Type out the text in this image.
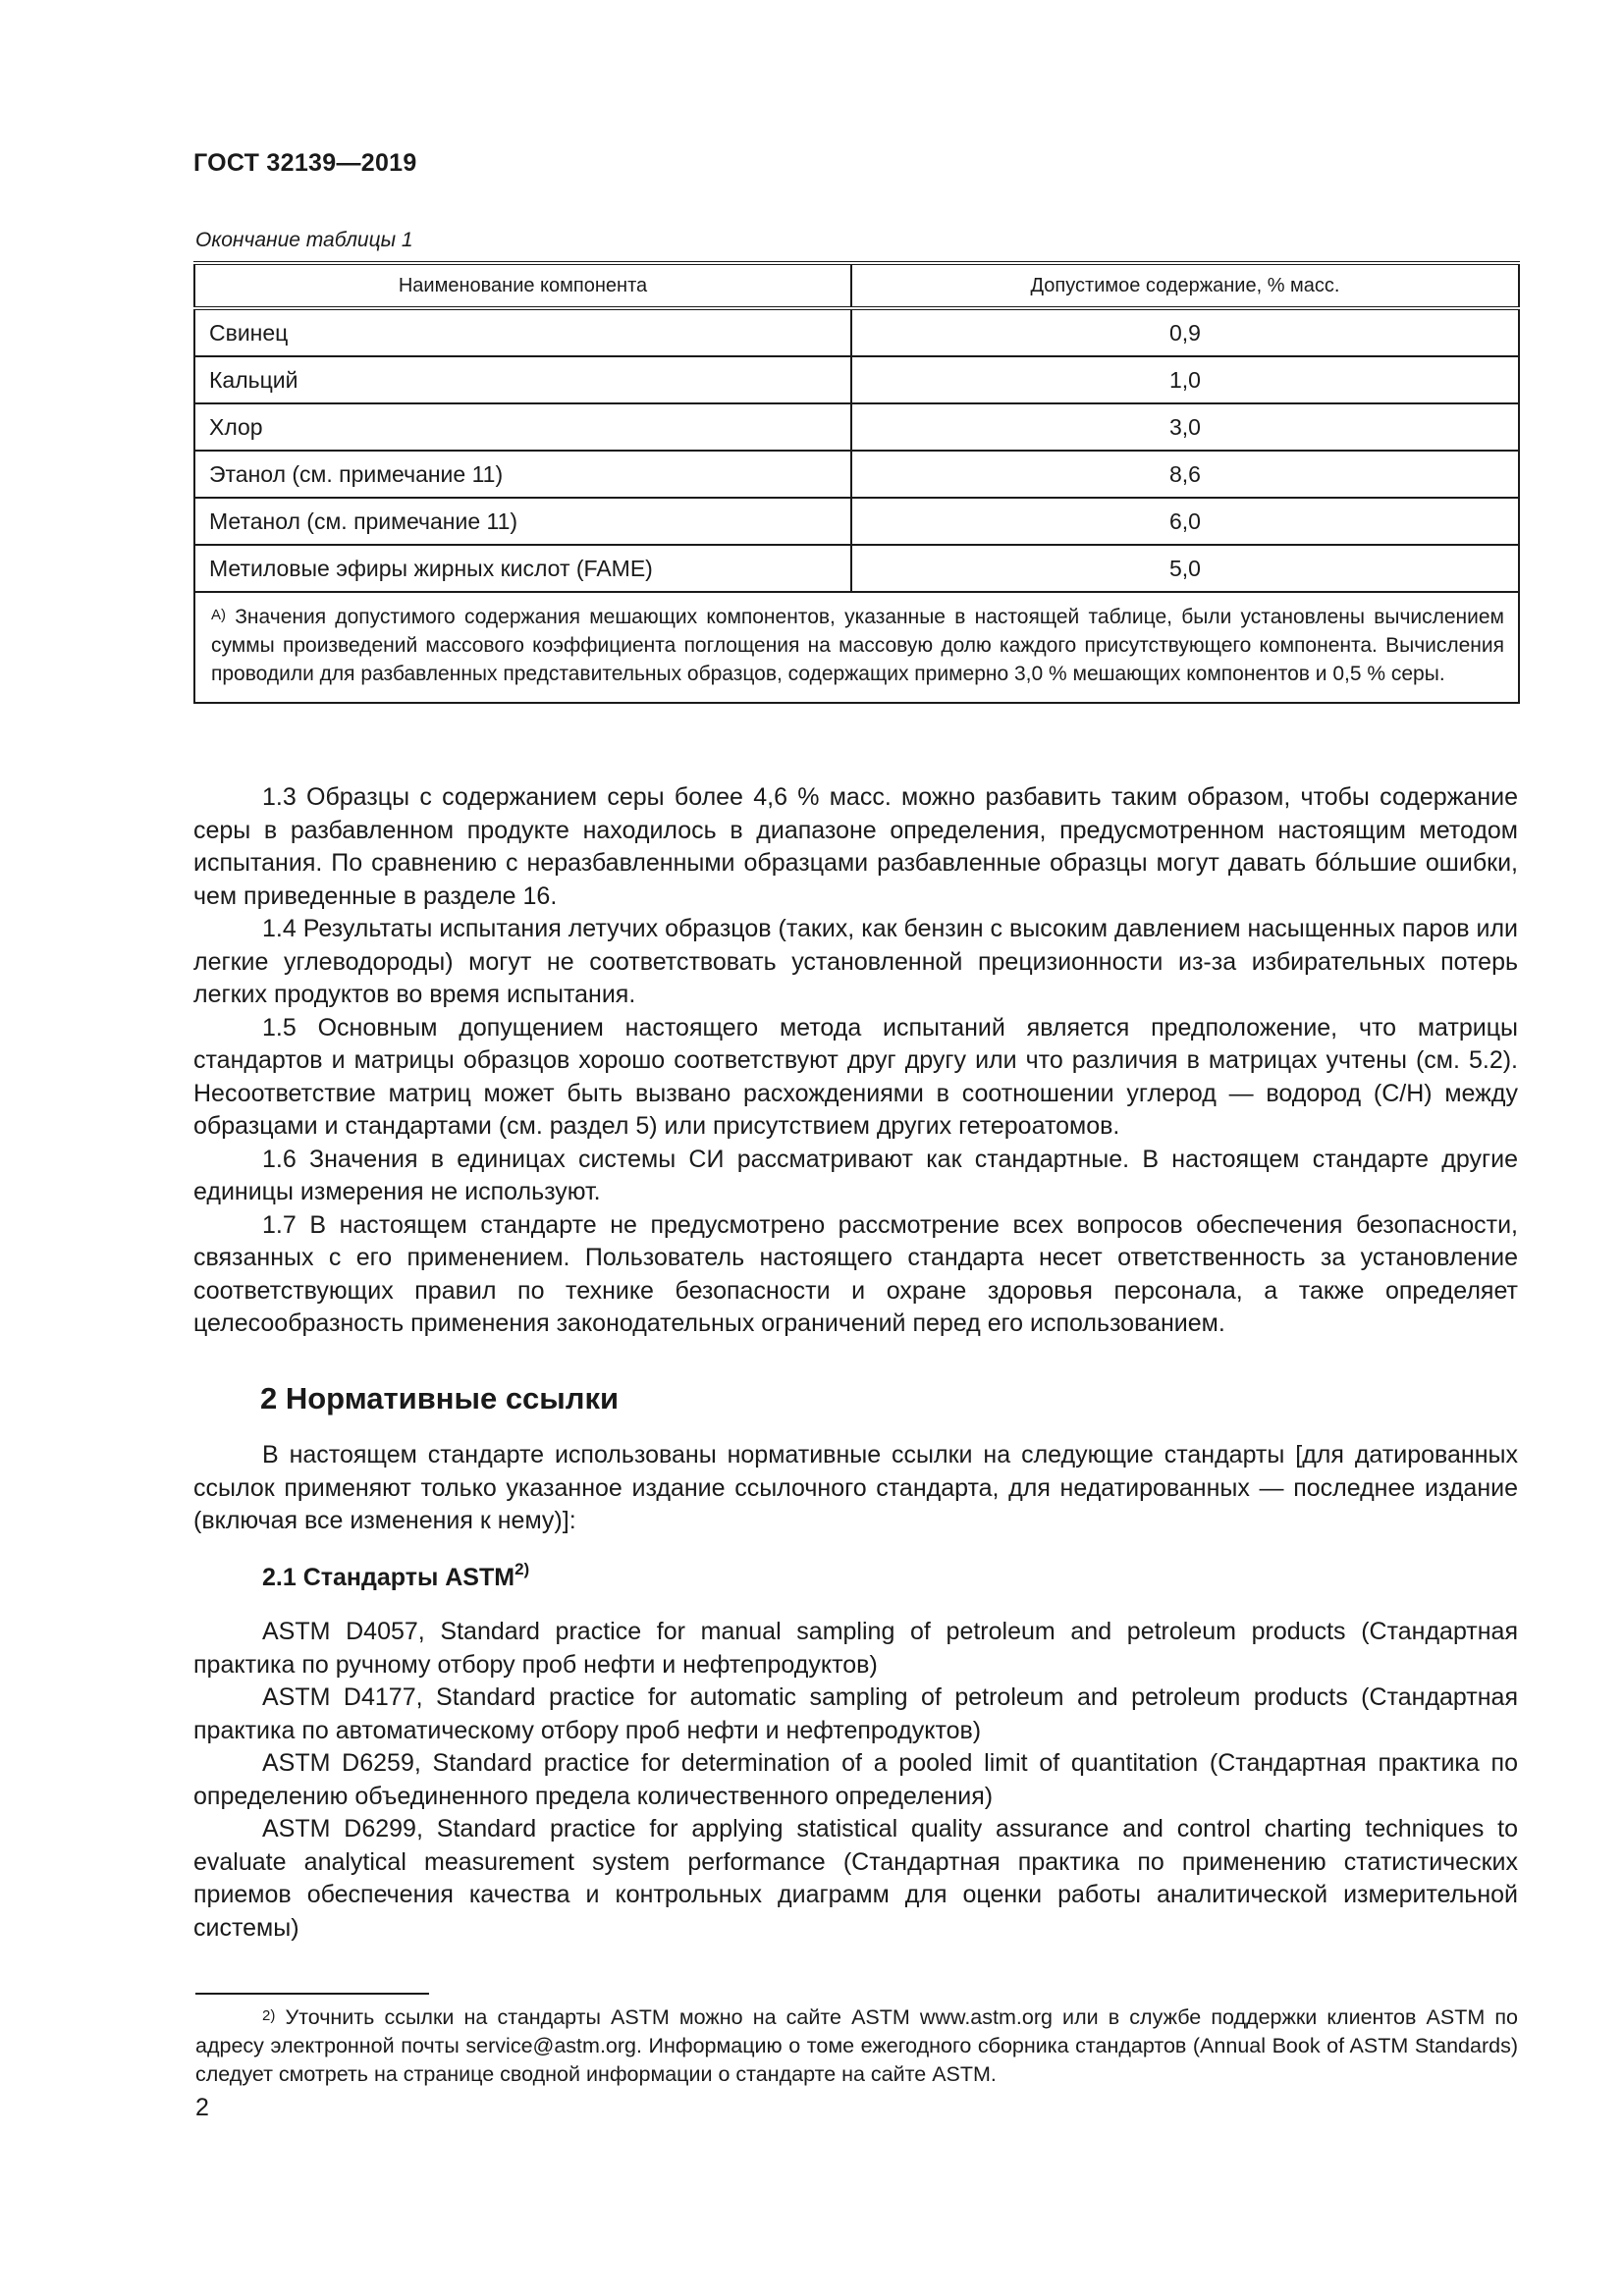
ГОСТ 32139—2019
Окончание таблицы 1
Наименование компонента	Допустимое содержание, % масс.
Свинец	0,9
Кальций	1,0
Хлор	3,0
Этанол (см. примечание 11)	8,6
Метанол (см. примечание 11)	6,0
Метиловые эфиры жирных кислот (FAME)	5,0
$^{А)}$ Значения допустимого содержания мешающих компонентов, указанные в настоящей таблице, были установлены вычислением суммы произведений массового коэффициента поглощения на массовую долю каждого присутствующего компонента. Вычисления проводили для разбавленных представительных образцов, содержащих примерно 3,0 % мешающих компонентов и 0,5 % серы.	

1.3 Образцы с содержанием серы более 4,6 % масс. можно разбавить таким образом, чтобы содержание серы в разбавленном продукте находилось в диапазоне определения, предусмотренном настоящим методом испытания. По сравнению с неразбавленными образцами разбавленные образцы могут давать бóльшие ошибки, чем приведенные в разделе 16.

1.4 Результаты испытания летучих образцов (таких, как бензин с высоким давлением насыщенных паров или легкие углеводороды) могут не соответствовать установленной прецизионности из-за избирательных потерь легких продуктов во время испытания.

1.5 Основным допущением настоящего метода испытаний является предположение, что матрицы стандартов и матрицы образцов хорошо соответствуют друг другу или что различия в матрицах учтены (см. 5.2). Несоответствие матриц может быть вызвано расхождениями в соотношении углерод — водород (С/Н) между образцами и стандартами (см. раздел 5) или присутствием других гетероатомов.

1.6 Значения в единицах системы СИ рассматривают как стандартные. В настоящем стандарте другие единицы измерения не используют.

1.7 В настоящем стандарте не предусмотрено рассмотрение всех вопросов обеспечения безопасности, связанных с его применением. Пользователь настоящего стандарта несет ответственность за установление соответствующих правил по технике безопасности и охране здоровья персонала, а также определяет целесообразность применения законодательных ограничений перед его использованием.

2 Нормативные ссылки

В настоящем стандарте использованы нормативные ссылки на следующие стандарты [для датированных ссылок применяют только указанное издание ссылочного стандарта, для недатированных — последнее издание (включая все изменения к нему)]:

2.1 Стандарты ASTM$^{2)}$

ASTM D4057, Standard practice for manual sampling of petroleum and petroleum products (Стандартная практика по ручному отбору проб нефти и нефтепродуктов)

ASTM D4177, Standard practice for automatic sampling of petroleum and petroleum products (Стандартная практика по автоматическому отбору проб нефти и нефтепродуктов)

ASTM D6259, Standard practice for determination of a pooled limit of quantitation (Стандартная практика по определению объединенного предела количественного определения)

ASTM D6299, Standard practice for applying statistical quality assurance and control charting techniques to evaluate analytical measurement system performance (Стандартная практика по применению статистических приемов обеспечения качества и контрольных диаграмм для оценки работы аналитической измерительной системы)

$^{2)}$ Уточнить ссылки на стандарты ASTM можно на сайте ASTM www.astm.org или в службе поддержки клиентов ASTM по адресу электронной почты service@astm.org. Информацию о томе ежегодного сборника стандартов (Annual Book of ASTM Standards) следует смотреть на странице сводной информации о стандарте на сайте ASTM.
2
